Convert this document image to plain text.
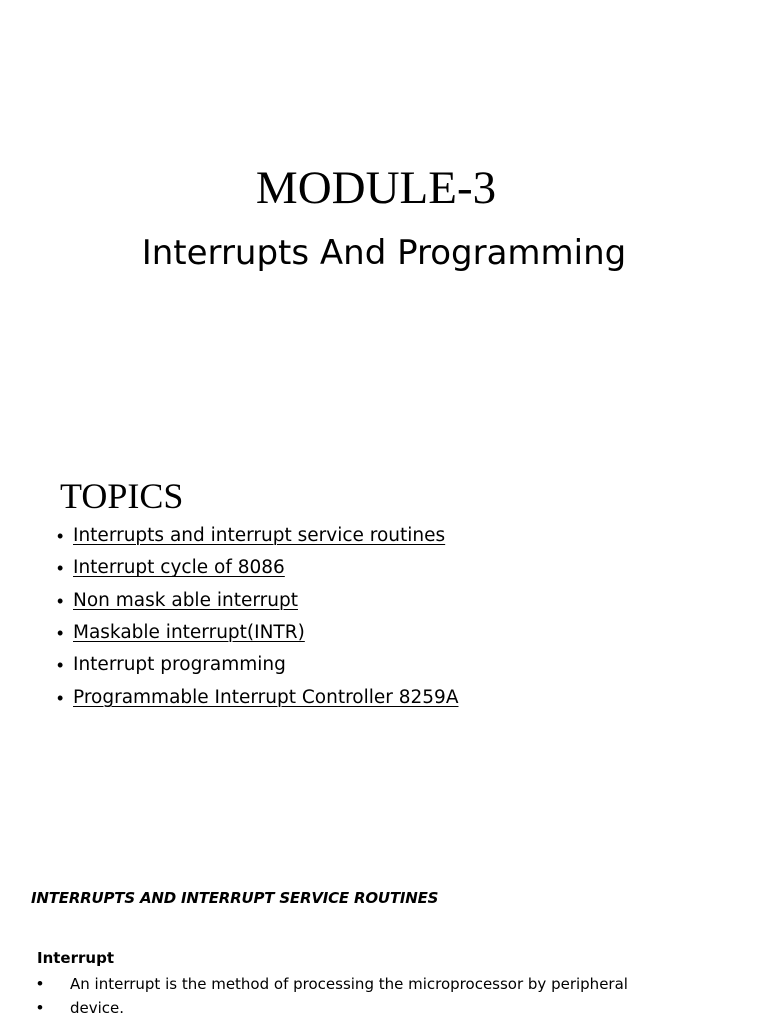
MODULE-3
Interrupts And Programming
TOPICS
• Interrupts and interrupt service routines
• Interrupt cycle of 8086
• Non mask able interrupt
• Maskable interrupt(INTR)
• Interrupt programming
• Programmable Interrupt Controller 8259A
INTERRUPTS AND INTERRUPT SERVICE ROUTINES
Interrupt
•	An interrupt is the method of processing the microprocessor by peripheral
•	device.
